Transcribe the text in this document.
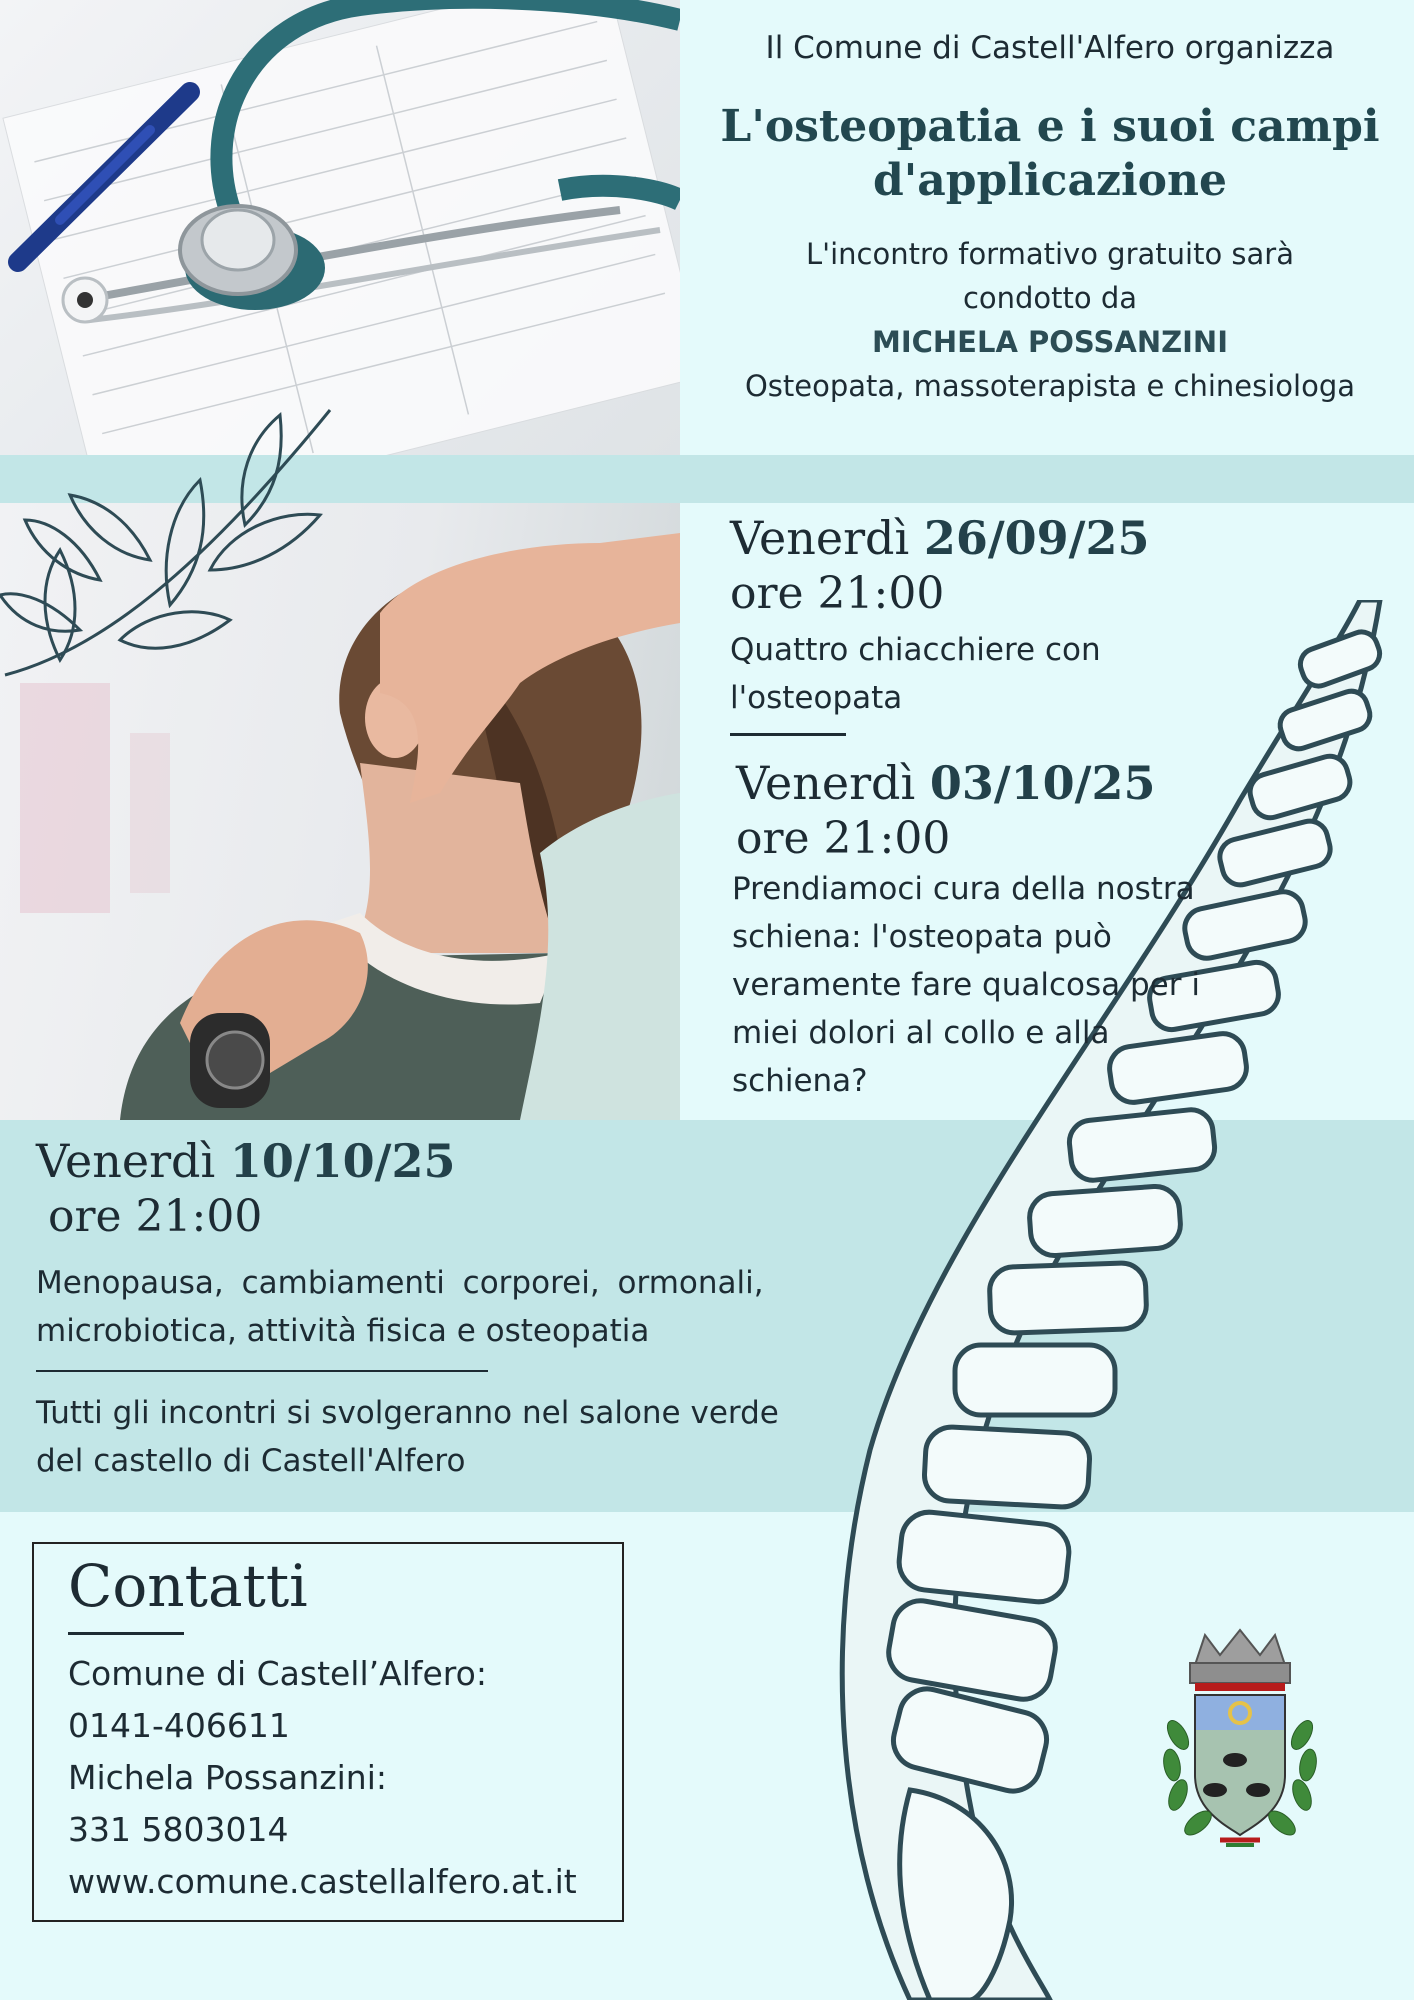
Il Comune di Castell'Alfero organizza
L'osteopatia e i suoi campi
d'applicazione
L'incontro formativo gratuito sarà
condotto da
MICHELA POSSANZINI
Osteopata, massoterapista e chinesiologa
Venerdì 26/09/25
ore 21:00
Quattro chiacchiere con
l'osteopata
Venerdì 03/10/25
ore 21:00
Prendiamoci cura della nostra
schiena: l'osteopata può
veramente fare qualcosa per i
miei dolori al collo e alla
schiena?
Venerdì 10/10/25
ore 21:00
Menopausa, cambiamenti corporei, ormonali,
microbiotica, attività fisica e osteopatia
Tutti gli incontri si svolgeranno nel salone verde
del castello di Castell'Alfero
Contatti
Comune di Castell’Alfero:
0141-406611
Michela Possanzini:
331 5803014
www.comune.castellalfero.at.it
